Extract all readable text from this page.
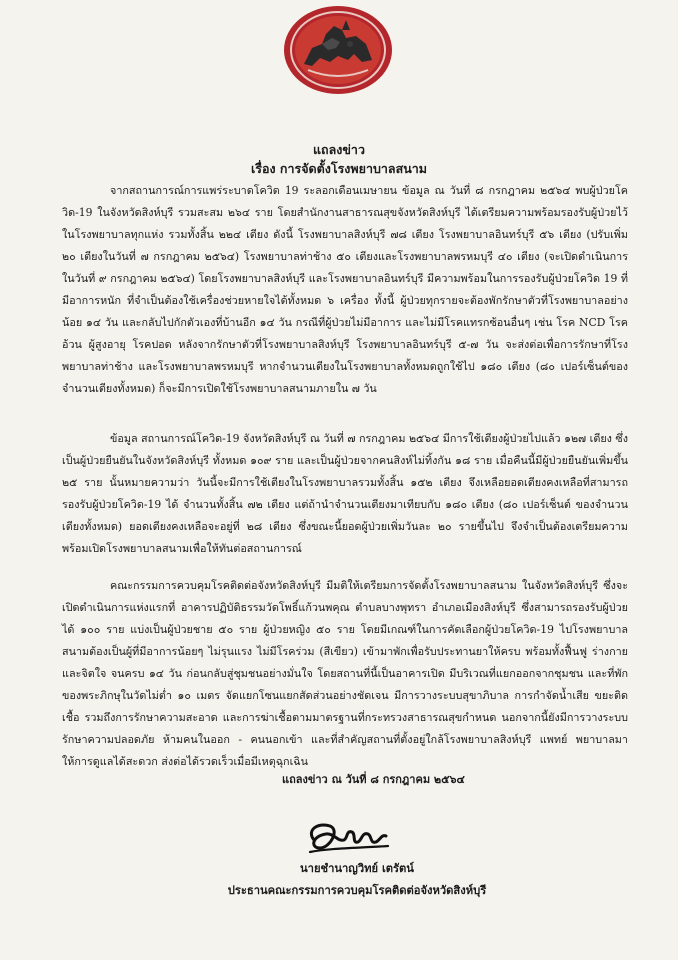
แถลงข่าว
เรื่อง การจัดตั้งโรงพยาบาลสนาม

จากสถานการณ์การแพร่ระบาดโควิด 19 ระลอกเดือนเมษายน ข้อมูล ณ วันที่ ๘ กรกฎาคม ๒๕๖๔ พบผู้ป่วยโควิด-19 ในจังหวัดสิงห์บุรี รวมสะสม ๒๖๔ ราย โดยสำนักงานสาธารณสุขจังหวัดสิงห์บุรี ได้เตรียมความพร้อมรองรับผู้ป่วยไว้ในโรงพยาบาลทุกแห่ง รวมทั้งสิ้น ๒๒๔ เตียง ดังนี้ โรงพยาบาลสิงห์บุรี ๗๘ เตียง โรงพยาบาลอินทร์บุรี ๕๖ เตียง (ปรับเพิ่ม ๒๐ เตียงในวันที่ ๗ กรกฎาคม ๒๕๖๔) โรงพยาบาลท่าช้าง ๕๐ เตียงและโรงพยาบาลพรหมบุรี ๔๐ เตียง (จะเปิดดำเนินการในวันที่ ๙ กรกฎาคม ๒๕๖๔) โดยโรงพยาบาลสิงห์บุรี และโรงพยาบาลอินทร์บุรี มีความพร้อมในการรองรับผู้ป่วยโควิด 19 ที่มีอาการหนัก ที่จำเป็นต้องใช้เครื่องช่วยหายใจได้ทั้งหมด ๖ เครื่อง ทั้งนี้ ผู้ป่วยทุกรายจะต้องพักรักษาตัวที่โรงพยาบาลอย่างน้อย ๑๔ วัน และกลับไปกักตัวเองที่บ้านอีก ๑๔ วัน กรณีที่ผู้ป่วยไม่มีอาการ และไม่มีโรคแทรกซ้อนอื่นๆ เช่น โรค NCD โรคอ้วน ผู้สูงอายุ โรคปอด หลังจากรักษาตัวที่โรงพยาบาลสิงห์บุรี โรงพยาบาลอินทร์บุรี ๕-๗ วัน จะส่งต่อเพื่อการรักษาที่โรงพยาบาลท่าช้าง และโรงพยาบาลพรหมบุรี หากจำนวนเตียงในโรงพยาบาลทั้งหมดถูกใช้ไป ๑๘๐ เตียง (๘๐ เปอร์เซ็นต์ของจำนวนเตียงทั้งหมด) ก็จะมีการเปิดใช้โรงพยาบาลสนามภายใน ๗ วัน

ข้อมูล สถานการณ์โควิด-19 จังหวัดสิงห์บุรี ณ วันที่ ๗ กรกฎาคม ๒๕๖๔ มีการใช้เตียงผู้ป่วยไปแล้ว ๑๒๗ เตียง ซึ่งเป็นผู้ป่วยยืนยันในจังหวัดสิงห์บุรี ทั้งหมด ๑๐๙ ราย และเป็นผู้ป่วยจากคนสิงห์ไม่ทิ้งกัน ๑๘ ราย เมื่อคืนนี้มีผู้ป่วยยืนยันเพิ่มขึ้น ๒๕ ราย นั้นหมายความว่า วันนี้จะมีการใช้เตียงในโรงพยาบาลรวมทั้งสิ้น ๑๕๒ เตียง จึงเหลือยอดเตียงคงเหลือที่สามารถรองรับผู้ป่วยโควิด-19 ได้ จำนวนทั้งสิ้น ๗๒ เตียง แต่ถ้านำจำนวนเตียงมาเทียบกับ ๑๘๐ เตียง (๘๐ เปอร์เซ็นต์ ของจำนวนเตียงทั้งหมด) ยอดเตียงคงเหลือจะอยู่ที่ ๒๘ เตียง ซึ่งขณะนี้ยอดผู้ป่วยเพิ่มวันละ ๒๐ รายขึ้นไป จึงจำเป็นต้องเตรียมความพร้อมเปิดโรงพยาบาลสนามเพื่อให้ทันต่อสถานการณ์

คณะกรรมการควบคุมโรคติดต่อจังหวัดสิงห์บุรี มีมติให้เตรียมการจัดตั้งโรงพยาบาลสนาม ในจังหวัดสิงห์บุรี ซึ่งจะเปิดดำเนินการแห่งแรกที่ อาคารปฏิบัติธรรมวัดโพธิ์แก้วนพคุณ ตำบลบางพุทรา อำเภอเมืองสิงห์บุรี ซึ่งสามารถรองรับผู้ป่วยได้ ๑๐๐ ราย แบ่งเป็นผู้ป่วยชาย ๕๐ ราย ผู้ป่วยหญิง ๕๐ ราย โดยมีเกณฑ์ในการคัดเลือกผู้ป่วยโควิด-19 ไปโรงพยาบาลสนามต้องเป็นผู้ที่มีอาการน้อยๆ ไม่รุนแรง ไม่มีโรคร่วม (สีเขียว) เข้ามาพักเพื่อรับประทานยาให้ครบ พร้อมทั้งฟื้นฟู ร่างกาย และจิตใจ จนครบ ๑๔ วัน ก่อนกลับสู่ชุมชนอย่างมั่นใจ โดยสถานที่นี้เป็นอาคารเปิด มีบริเวณที่แยกออกจากชุมชน และที่พักของพระภิกษุในวัดไม่ต่ำ ๑๐ เมตร จัดแยกโซนแยกสัดส่วนอย่างชัดเจน มีการวางระบบสุขาภิบาล การกำจัดน้ำเสีย ขยะติดเชื้อ รวมถึงการรักษาความสะอาด และการฆ่าเชื้อตามมาตรฐานที่กระทรวงสาธารณสุขกำหนด นอกจากนี้ยังมีการวางระบบรักษาความปลอดภัย ห้ามคนในออก - คนนอกเข้า และที่สำคัญสถานที่ตั้งอยู่ใกล้โรงพยาบาลสิงห์บุรี แพทย์ พยาบาลมาให้การดูแลได้สะดวก ส่งต่อได้รวดเร็วเมื่อมีเหตุฉุกเฉิน

แถลงข่าว ณ วันที่ ๘ กรกฎาคม ๒๕๖๔
นายชำนาญวิทย์ เตรัตน์
ประธานคณะกรรมการควบคุมโรคติดต่อจังหวัดสิงห์บุรี
